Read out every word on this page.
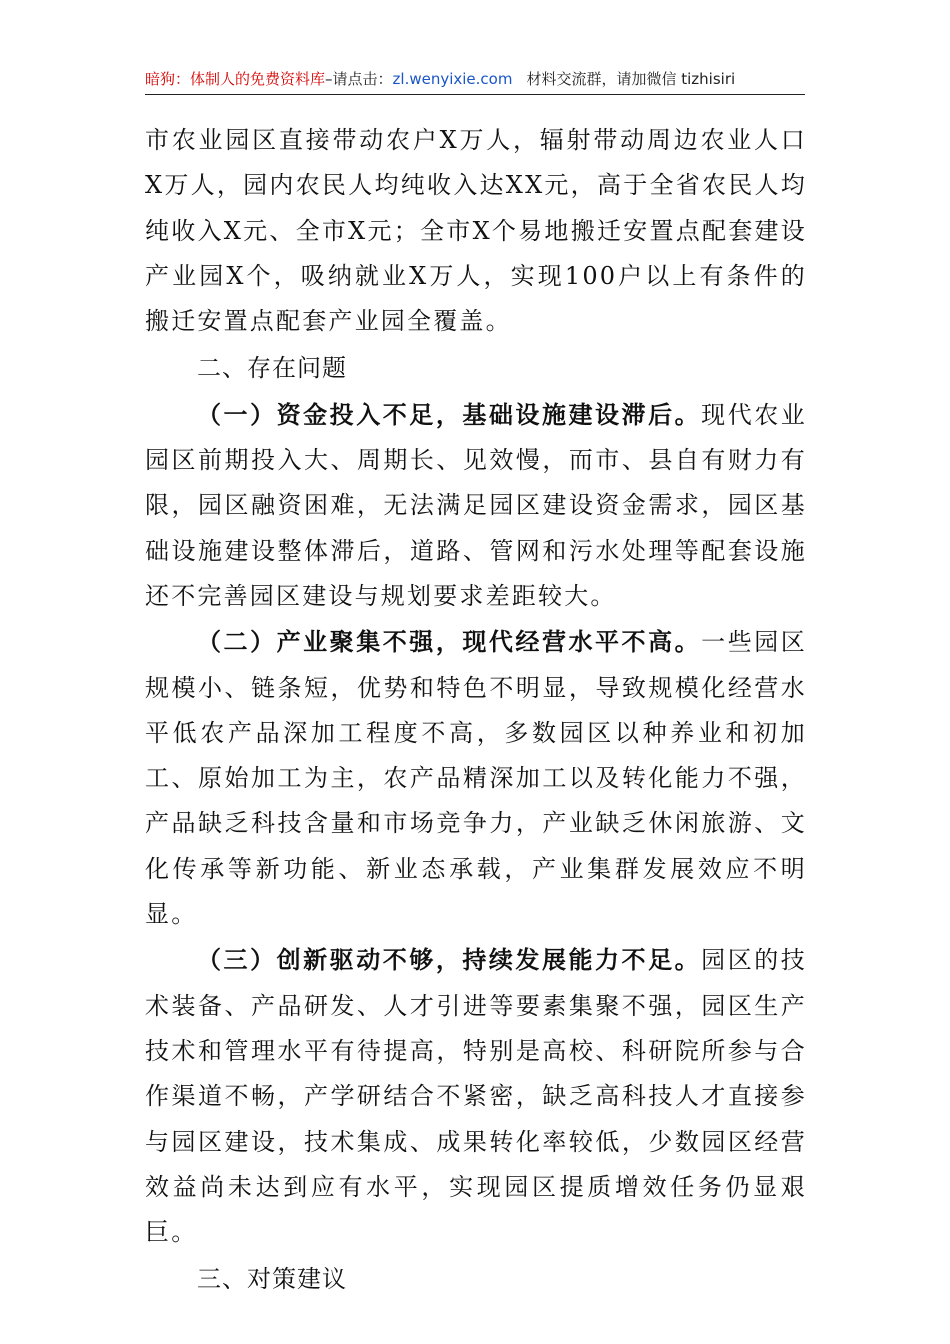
暗狗：体制人的免费资料库–请点击：zl.wenyixie.com 材料交流群，请加微信 tizhisiri

市农业园区直接带动农户X万人，辐射带动周边农业人口X万人，园内农民人均纯收入达XX元，高于全省农民人均纯收入X元、全市X元；全市X个易地搬迁安置点配套建设产业园X个，吸纳就业X万人，实现100户以上有条件的搬迁安置点配套产业园全覆盖。

二、存在问题

（一）资金投入不足，基础设施建设滞后。现代农业园区前期投入大、周期长、见效慢，而市、县自有财力有限，园区融资困难，无法满足园区建设资金需求，园区基础设施建设整体滞后，道路、管网和污水处理等配套设施还不完善园区建设与规划要求差距较大。

（二）产业聚集不强，现代经营水平不高。一些园区规模小、链条短，优势和特色不明显，导致规模化经营水平低农产品深加工程度不高，多数园区以种养业和初加工、原始加工为主，农产品精深加工以及转化能力不强，产品缺乏科技含量和市场竞争力，产业缺乏休闲旅游、文化传承等新功能、新业态承载，产业集群发展效应不明显。

（三）创新驱动不够，持续发展能力不足。园区的技术装备、产品研发、人才引进等要素集聚不强，园区生产技术和管理水平有待提高，特别是高校、科研院所参与合作渠道不畅，产学研结合不紧密，缺乏高科技人才直接参与园区建设，技术集成、成果转化率较低，少数园区经营效益尚未达到应有水平，实现园区提质增效任务仍显艰巨。

三、对策建议
